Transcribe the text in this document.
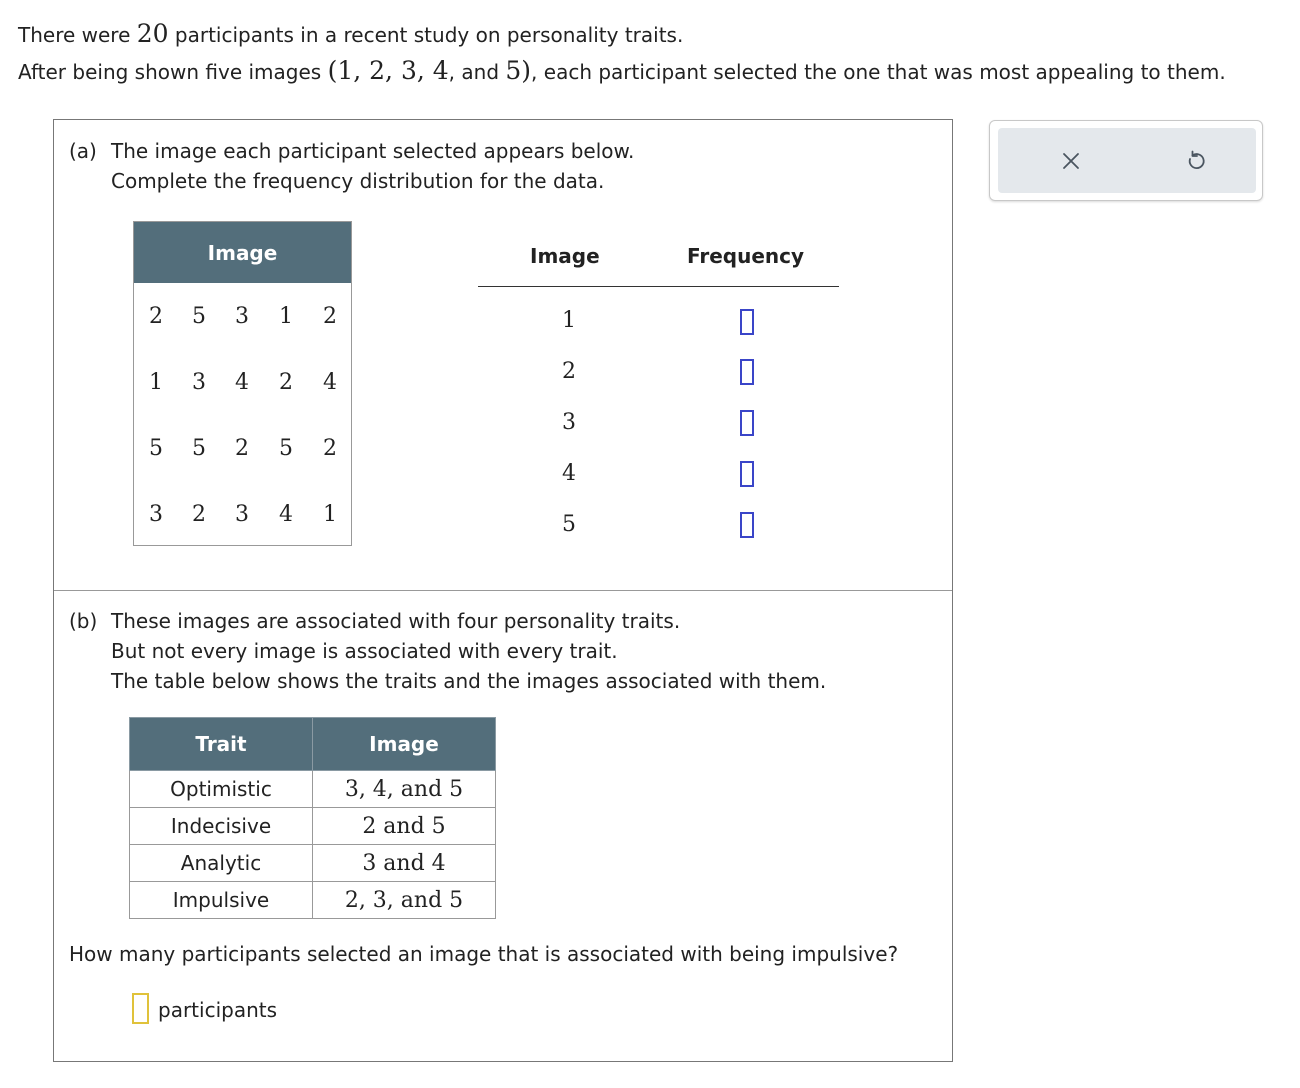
There were 20 participants in a recent study on personality traits.
After being shown five images (1, 2, 3, 4, and 5), each participant selected the one that was most appealing to them.
(a) The image each participant selected appears below.
Complete the frequency distribution for the data.
Image
2 5 3 1 2
1 3 4 2 4
5 5 2 5 2
3 2 3 4 1
Image	Frequency
1
2
3
4
5
(b) These images are associated with four personality traits.
But not every image is associated with every trait.
The table below shows the traits and the images associated with them.
Trait	Image
Optimistic	3, 4, and 5
Indecisive	2 and 5
Analytic	3 and 4
Impulsive	2, 3, and 5
How many participants selected an image that is associated with being impulsive?
participants
